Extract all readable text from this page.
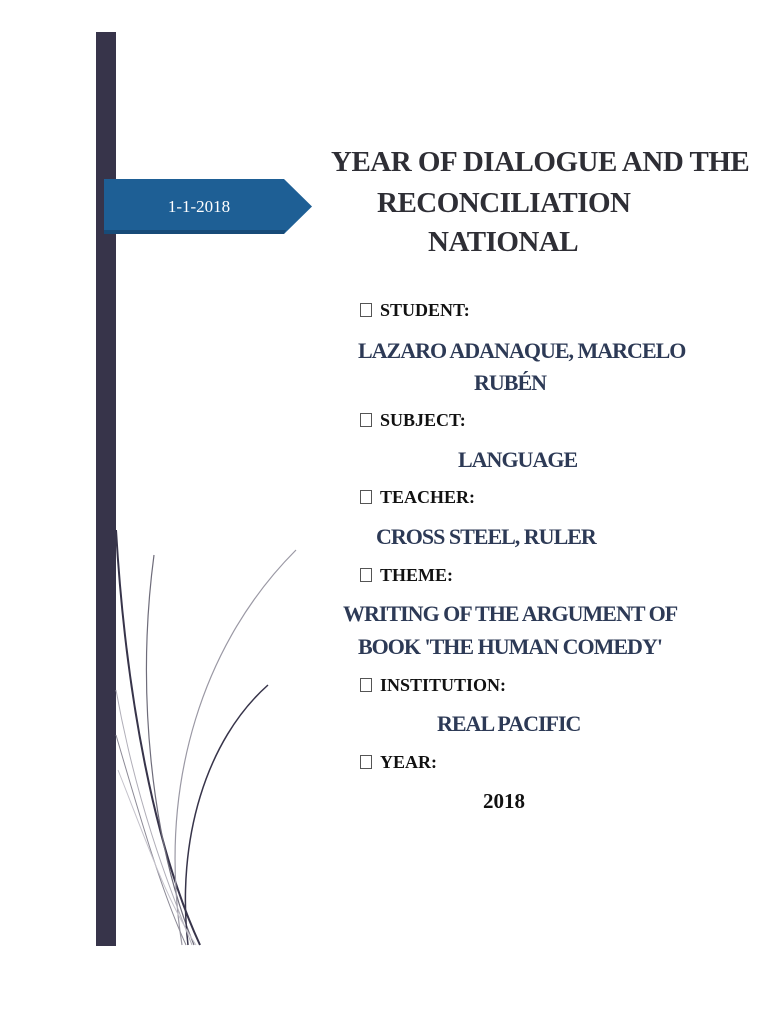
1-1-2018
YEAR OF DIALOGUE AND THE
RECONCILIATION
NATIONAL
STUDENT:
LAZARO ADANAQUE, MARCELO
RUBÉN
SUBJECT:
LANGUAGE
TEACHER:
CROSS STEEL, RULER
THEME:
WRITING OF THE ARGUMENT OF
BOOK 'THE HUMAN COMEDY'
INSTITUTION:
REAL PACIFIC
YEAR:
2018
